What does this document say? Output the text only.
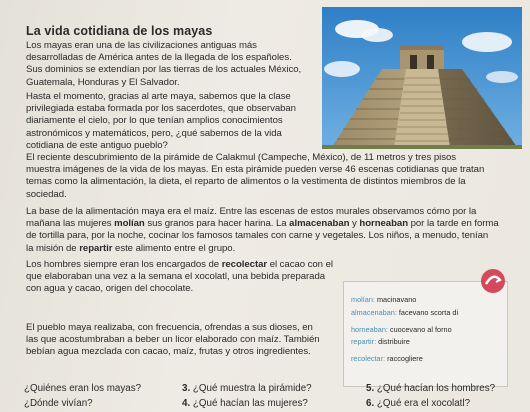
La vida cotidiana de los mayas
Los mayas eran una de las civilizaciones antiguas más
desarrolladas de América antes de la llegada de los españoles.
Sus dominios se extendían por las tierras de los actuales México,
Guatemala, Honduras y El Salvador.
Hasta el momento, gracias al arte maya, sabemos que la clase
privilegiada estaba formada por los sacerdotes, que observaban
diariamente el cielo, por lo que tenían amplios conocimientos
astronómicos y matemáticos, pero, ¿qué sabemos de la vida
cotidiana de este antiguo pueblo?
El reciente descubrimiento de la pirámide de Calakmul (Campeche, México), de 11 metros y tres pisos
muestra imágenes de la vida de los mayas. En esta pirámide pueden verse 46 escenas cotidianas que tratan
temas como la alimentación, la dieta, el reparto de alimentos o la vestimenta de distintos miembros de la
sociedad.
La base de la alimentación maya era el maíz. Entre las escenas de estos murales observamos cómo por la
mañana las mujeres molían sus granos para hacer harina. La almacenaban y horneaban por la tarde en forma
de tortilla para, por la noche, cocinar los famosos tamales con carne y vegetales. Los niños, a menudo, tenían
la misión de repartir este alimento entre el grupo.
Los hombres siempre eran los encargados de recolectar el cacao con el
que elaboraban una vez a la semana el xocolatl, una bebida preparada
con agua y cacao, origen del chocolate.
El pueblo maya realizaba, con frecuencia, ofrendas a sus dioses, en
las que acostumbraban a beber un licor elaborado con maíz. También
bebían agua mezclada con cacao, maíz, frutas y otros ingredientes.
molían: macinavano
almacenaban: facevano scorta di
horneaban: cuocevano al forno
repartir: distribuire
recolectar: raccogliere
¿Quiénes eran los mayas?	3. ¿Qué muestra la pirámide?	5. ¿Qué hacían los hombres?
¿Dónde vivían?	4. ¿Qué hacían las mujeres?	6. ¿Qué era el xocolatl?
